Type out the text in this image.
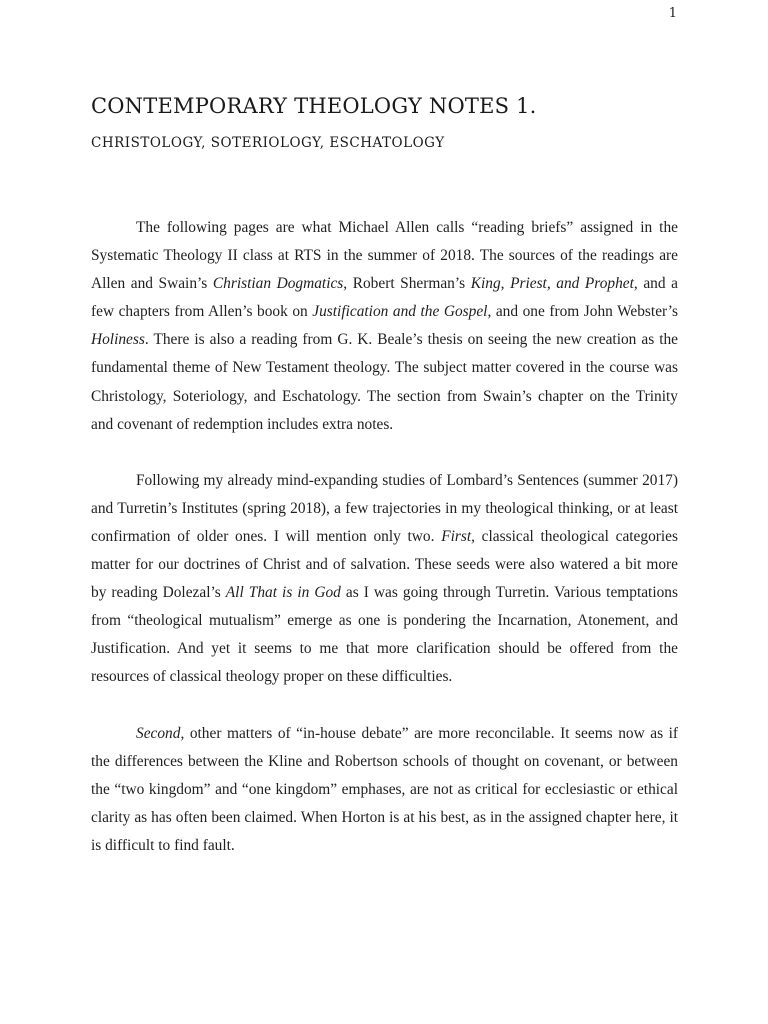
1
CONTEMPORARY THEOLOGY NOTES 1.
CHRISTOLOGY, SOTERIOLOGY, ESCHATOLOGY

The following pages are what Michael Allen calls “reading briefs” assigned in the Systematic Theology II class at RTS in the summer of 2018. The sources of the readings are Allen and Swain’s Christian Dogmatics, Robert Sherman’s King, Priest, and Prophet, and a few chapters from Allen’s book on Justification and the Gospel, and one from John Webster’s Holiness. There is also a reading from G. K. Beale’s thesis on seeing the new creation as the fundamental theme of New Testament theology. The subject matter covered in the course was Christology, Soteriology, and Eschatology. The section from Swain’s chapter on the Trinity and covenant of redemption includes extra notes.

Following my already mind-expanding studies of Lombard’s Sentences (summer 2017) and Turretin’s Institutes (spring 2018), a few trajectories in my theological thinking, or at least confirmation of older ones. I will mention only two. First, classical theological categories matter for our doctrines of Christ and of salvation. These seeds were also watered a bit more by reading Dolezal’s All That is in God as I was going through Turretin. Various temptations from “theological mutualism” emerge as one is pondering the Incarnation, Atonement, and Justification. And yet it seems to me that more clarification should be offered from the resources of classical theology proper on these difficulties.

Second, other matters of “in-house debate” are more reconcilable. It seems now as if the differences between the Kline and Robertson schools of thought on covenant, or between the “two kingdom” and “one kingdom” emphases, are not as critical for ecclesiastic or ethical clarity as has often been claimed. When Horton is at his best, as in the assigned chapter here, it is difficult to find fault.
